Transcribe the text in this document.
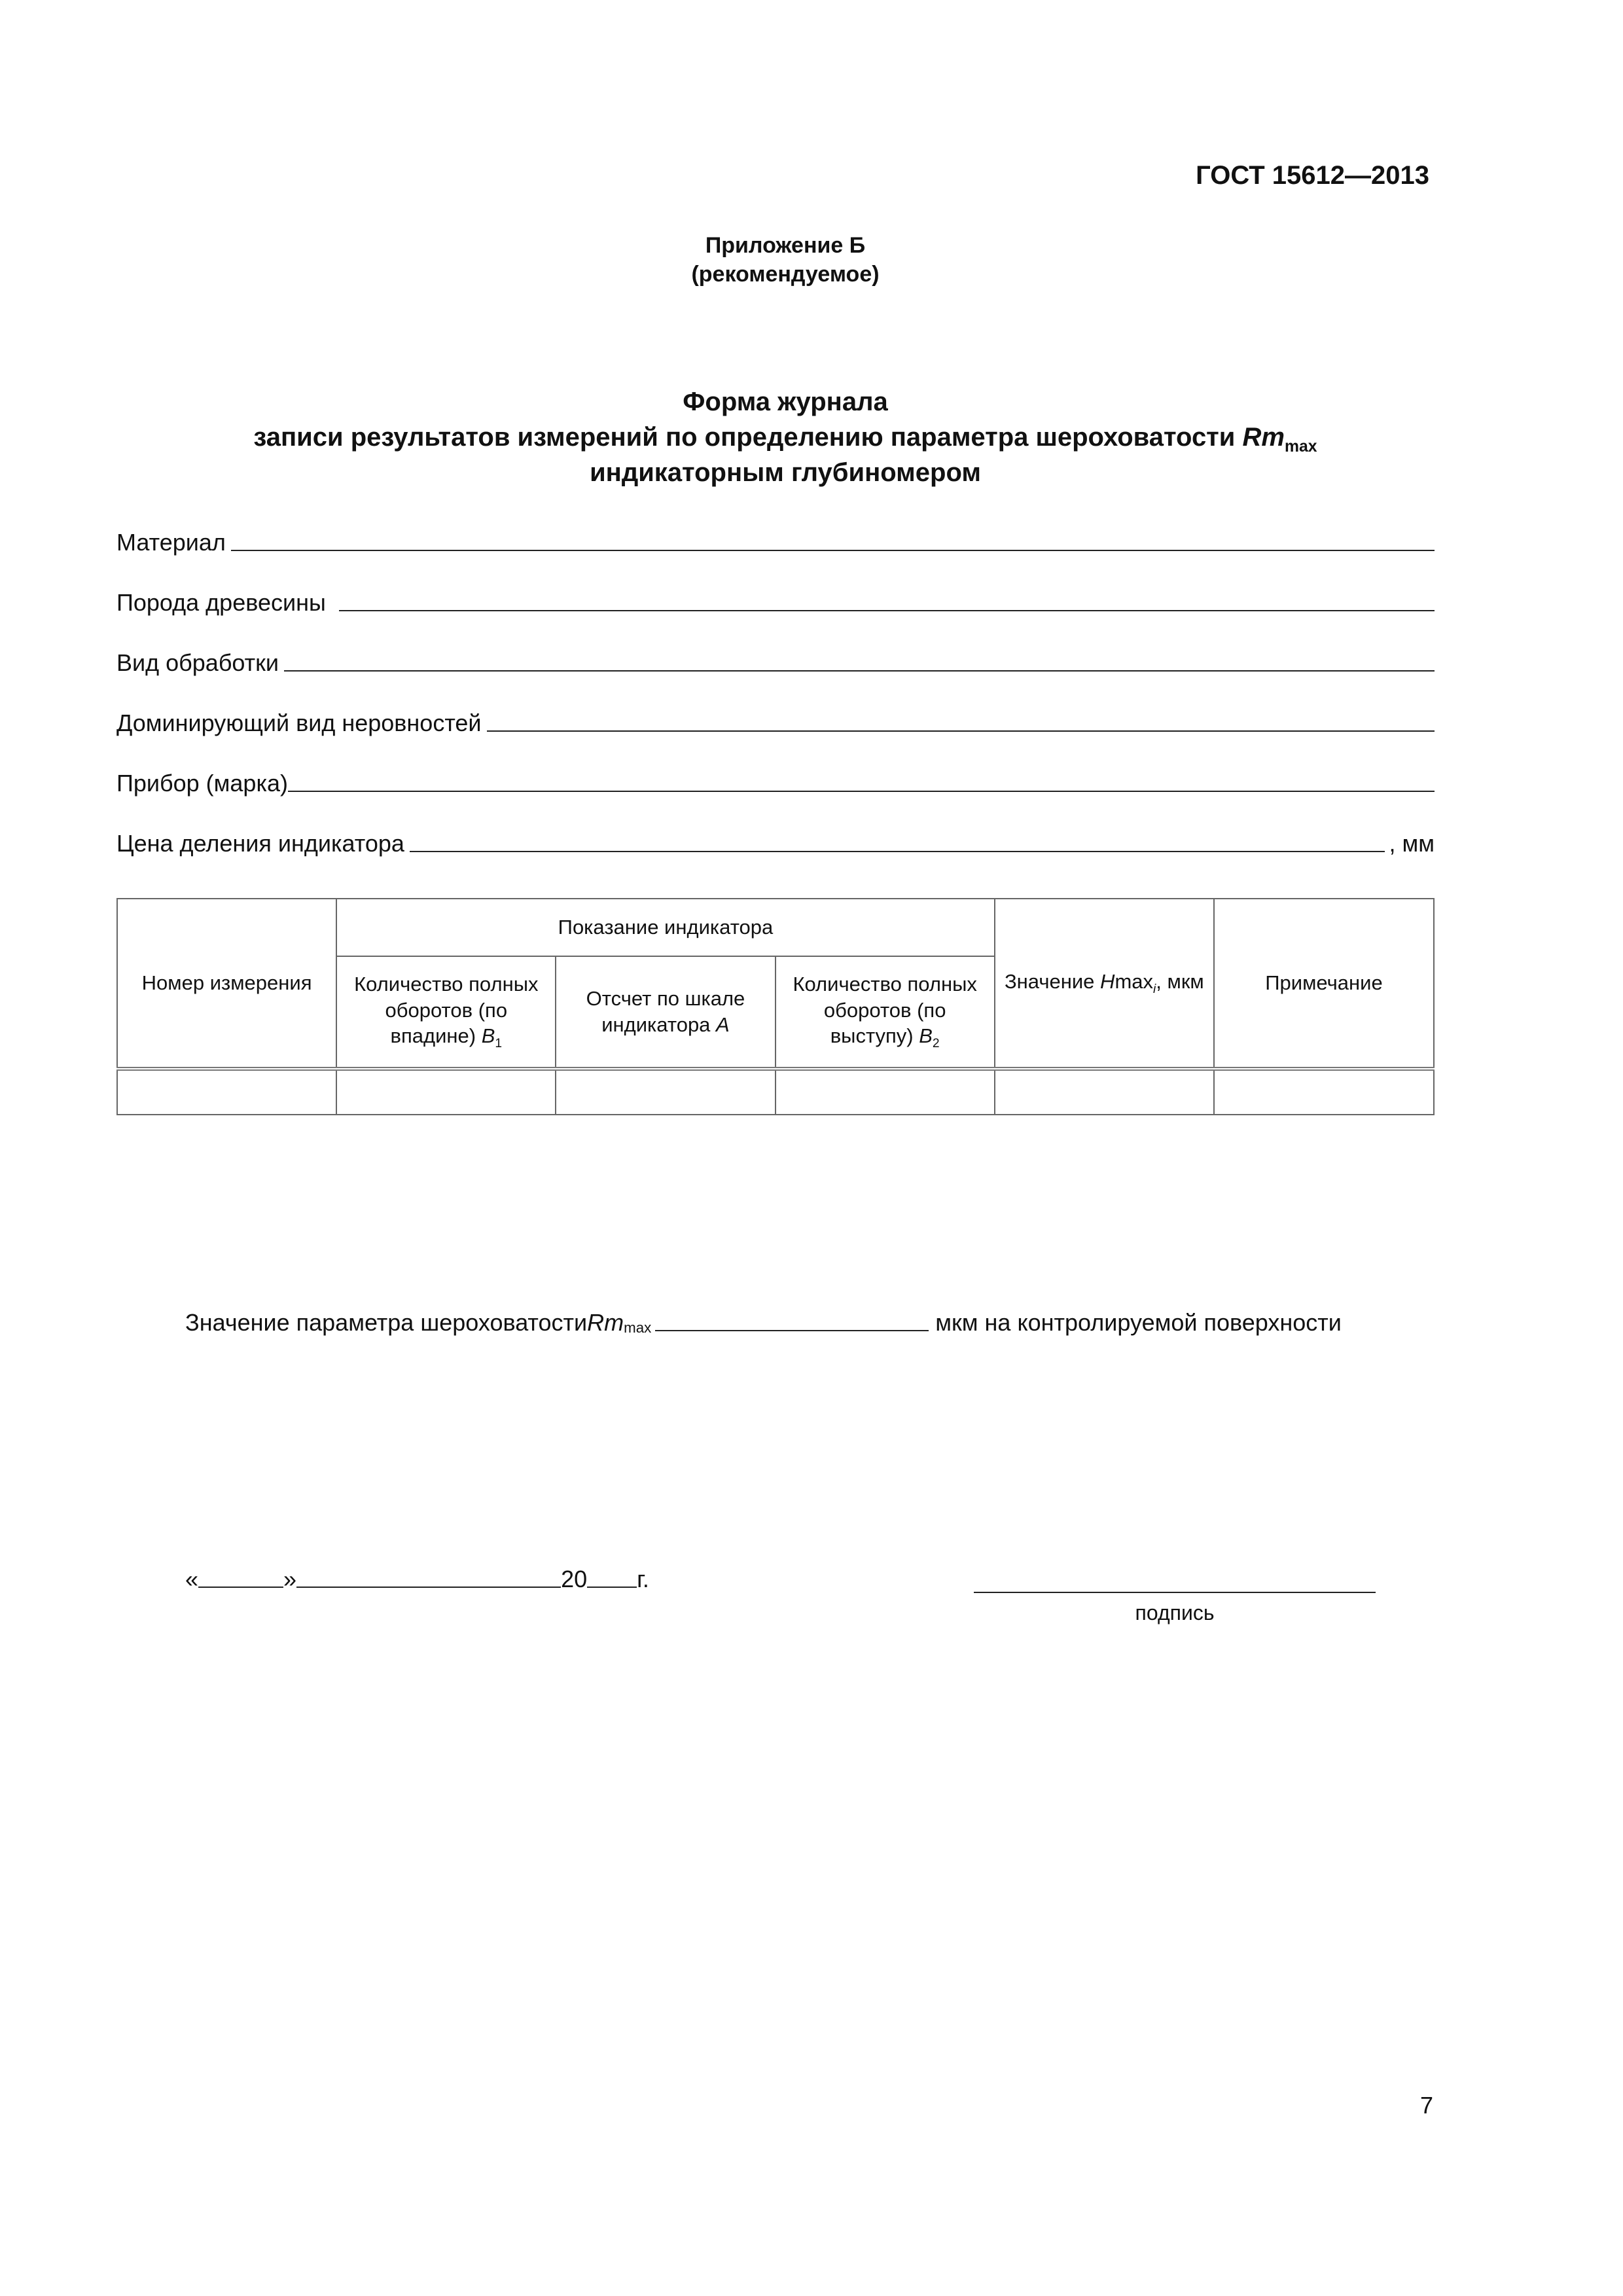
ГОСТ 15612—2013
Приложение Б
(рекомендуемое)
Форма журнала
записи результатов измерений по определению параметра шероховатости $Rm_{max}$
индикаторным глубиномером
Материал
Порода древесины
Вид обработки
Доминирующий вид неровностей
Прибор (марка)
Цена деления индикатора	, мм
Номер измерения	Показание индикатора			Значение Hmax$_i$, мкм	Примечание
	Количество полных оборотов (по впадине) $B_1$	Отсчет по шкале индикатора A	Количество полных оборотов (по выступу) $B_2$

Значение параметра шероховатости $Rm_{max}$	мкм на контролируемой поверхности
«	»	20 г.
подпись
7
